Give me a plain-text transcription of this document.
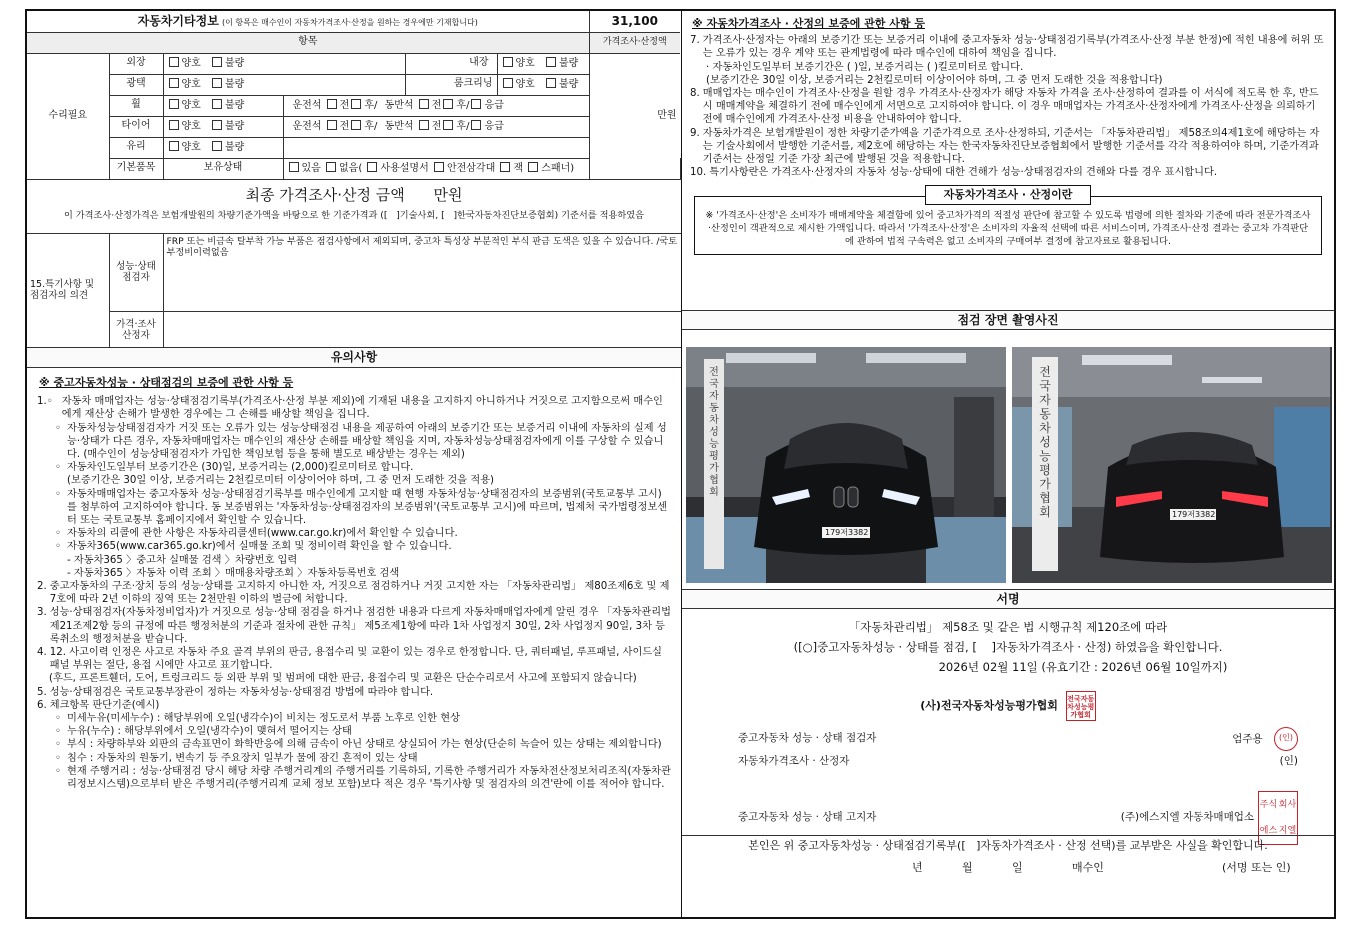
자동차기타정보 (이 항목은 매수인이 자동차가격조사·산정을 원하는 경우에만 기재합니다)						31,100	
항목						가격조사·산정액	
수리필요	외장	양호 불량		내장	양호 불량	만원	

	광택	양호 불량		룸크리닝	양호 불량		
	휠	양호 불량	운전석 전 후/ 동반석 전 후/ 응급				
	타이어	양호 불량	운전석 전 후/ 동반석 전 후/ 응급				
	유리	양호 불량					
	기본품목	보유상태	있음 없음( 사용설명서 안전삼각대 잭 스패너)				
최종 가격조사·산정 금액 만원
이 가격조사·산정가격은 보험개발원의 차량기준가액을 바탕으로 한 기준가격과 ([ ]기술사회, [ ]한국자동차진단보증협회) 기준서를 적용하였음
15.특기사항 및 점검자의 의견	성능·상태 점검자	FRP 또는 비금속 탈부착 가능 부품은 점검사항에서 제외되며, 중고차 특성상 부분적인 부식 판금 도색은 있을 수 있습니다. /국토부정비이력없음
	가격·조사 산정자	
유의사항
※ 중고자동차성능 · 상태점검의 보증에 관한 사항 등
1.◦ 자동차 매매업자는 성능·상태점검기록부(가격조사·산정 부분 제외)에 기재된 내용을 고지하지 아니하거나 거짓으로 고지함으로써 매수인에게 재산상 손해가 발생한 경우에는 그 손해를 배상할 책임을 집니다.
◦ 자동차성능상태점검자가 거짓 또는 오류가 있는 성능상태점검 내용을 제공하여 아래의 보증기간 또는 보증거리 이내에 자동차의 실제 성능·상태가 다른 경우, 자동차매매업자는 매수인의 재산상 손해를 배상할 책임을 지며, 자동차성능상태점검자에게 이를 구상할 수 있습니다. (매수인이 성능상태점검자가 가입한 책임보험 등을 통해 별도로 배상받는 경우는 제외)
◦ 자동차인도일부터 보증기간은 (30)일, 보증거리는 (2,000)킬로미터로 합니다.
(보증기간은 30일 이상, 보증거리는 2천킬로미터 이상이어야 하며, 그 중 먼저 도래한 것을 적용)
◦ 자동차매매업자는 중고자동차 성능·상태점검기록부를 매수인에게 고지할 때 현행 자동차성능·상태점검자의 보증범위(국토교통부 고시)를 첨부하여 고지하여야 합니다. 동 보증범위는 '자동차성능·상태점검자의 보증범위'(국토교통부 고시)에 따르며, 법제처 국가법령정보센터 또는 국토교통부 홈페이지에서 확인할 수 있습니다.
◦ 자동차의 리콜에 관한 사항은 자동차리콜센터(www.car.go.kr)에서 확인할 수 있습니다.
◦ 자동차365(www.car365.go.kr)에서 실매물 조회 및 정비이력 확인을 할 수 있습니다.
- 자동차365 〉중고차 실매물 검색 〉차량번호 입력
- 자동차365 〉자동차 이력 조회 〉매매용차량조회 〉자동차등록번호 검색
2. 중고자동차의 구조·장치 등의 성능·상태를 고지하지 아니한 자, 거짓으로 점검하거나 거짓 고지한 자는 「자동차관리법」 제80조제6호 및 제7호에 따라 2년 이하의 징역 또는 2천만원 이하의 벌금에 처합니다.
3. 성능·상태점검자(자동차정비업자)가 거짓으로 성능·상태 점검을 하거나 점검한 내용과 다르게 자동차매매업자에게 알린 경우 「자동차관리법 제21조제2항 등의 규정에 따른 행정처분의 기준과 절차에 관한 규칙」 제5조제1항에 따라 1차 사업정지 30일, 2차 사업정지 90일, 3차 등록취소의 행정처분을 받습니다.
4. 12. 사고이력 인정은 사고로 자동차 주요 골격 부위의 판금, 용접수리 및 교환이 있는 경우로 한정합니다. 단, 쿼터패널, 루프패널, 사이드실패널 부위는 절단, 용접 시에만 사고로 표기합니다.
(후드, 프론트휀더, 도어, 트렁크리드 등 외판 부위 및 범퍼에 대한 판금, 용접수리 및 교환은 단순수리로서 사고에 포함되지 않습니다)
5. 성능·상태점검은 국토교통부장관이 정하는 자동차성능·상태점검 방법에 따라야 합니다.
6. 체크항목 판단기준(예시)
◦ 미세누유(미세누수) : 해당부위에 오일(냉각수)이 비치는 정도로서 부품 노후로 인한 현상
◦ 누유(누수) : 해당부위에서 오일(냉각수)이 맺혀서 떨어지는 상태
◦ 부식 : 차량하부와 외판의 금속표면이 화학반응에 의해 금속이 아닌 상태로 상실되어 가는 현상(단순히 녹슬어 있는 상태는 제외합니다)
◦ 침수 : 자동차의 원동기, 변속기 등 주요장치 일부가 물에 잠긴 흔적이 있는 상태
◦ 현재 주행거리 : 성능·상태점검 당시 해당 차량 주행거리계의 주행거리를 기록하되, 기록한 주행거리가 자동차전산정보처리조직(자동차관리정보시스템)으로부터 받은 주행거리(주행거리계 교체 정보 포함)보다 적은 경우 '특기사항 및 점검자의 의견'란에 이를 적어야 합니다.
※ 자동차가격조사 · 산정의 보증에 관한 사항 등
7. 가격조사·산정자는 아래의 보증기간 또는 보증거리 이내에 중고자동차 성능·상태점검기록부(가격조사·산정 부분 한정)에 적힌 내용에 허위 또는 오류가 있는 경우 계약 또는 관계법령에 따라 매수인에 대하여 책임을 집니다.
· 자동차인도일부터 보증기간은 ( )일, 보증거리는 ( )킬로미터로 합니다.
(보증기간은 30일 이상, 보증거리는 2천킬로미터 이상이어야 하며, 그 중 먼저 도래한 것을 적용합니다)
8. 매매업자는 매수인이 가격조사·산정을 원할 경우 가격조사·산정자가 해당 자동차 가격을 조사·산정하여 결과를 이 서식에 적도록 한 후, 반드시 매매계약을 체결하기 전에 매수인에게 서면으로 고지하여야 합니다. 이 경우 매매업자는 가격조사·산정자에게 가격조사·산정을 의뢰하기 전에 매수인에게 가격조사·산정 비용을 안내하여야 합니다.
9. 자동차가격은 보험개발원이 정한 차량기준가액을 기준가격으로 조사·산정하되, 기준서는 「자동차관리법」 제58조의4제1호에 해당하는 자는 기술사회에서 발행한 기준서를, 제2호에 해당하는 자는 한국자동차진단보증협회에서 발행한 기준서를 각각 적용하여야 하며, 기준가격과 기준서는 산정일 기준 가장 최근에 발행된 것을 적용합니다.
10. 특기사항란은 가격조사·산정자의 자동차 성능·상태에 대한 견해가 성능·상태점검자의 견해와 다를 경우 표시합니다.
자동차가격조사 · 산정이란
※ '가격조사·산정'은 소비자가 매매계약을 체결함에 있어 중고차가격의 적절성 판단에 참고할 수 있도록 법령에 의한 절차와 기준에 따라 전문가격조사·산정인이 객관적으로 제시한 가액입니다. 따라서 '가격조사·산정'은 소비자의 자율적 선택에 따른 서비스이며, 가격조사·산정 결과는 중고차 가격판단에 관하여 법적 구속력은 없고 소비자의 구매여부 결정에 참고자료로 활용됩니다.
점검 장면 촬영사진
179저3382
전국자동차성능평가협회
179저3382
전국자동차성능평가협회
서명
「자동차관리법」 제58조 및 같은 법 시행규칙 제120조에 따라
([○]중고자동차성능 · 상태를 점검, [ ]자동차가격조사 · 산정) 하였음을 확인합니다.
2026년 02월 11일 (유효기간 : 2026년 06월 10일까지)
(사)전국자동차성능평가협회 전국자동차성능평가협회
중고자동차 성능 · 상태 점검자	엄주용 (인)
자동차가격조사 · 산정자	(인)
중고자동차 성능 · 상태 고지자	(주)에스지엘 자동차매매업소
주식 회사
에스 지엘
본인은 위 중고자동차성능 · 상태점검기록부([ ]자동차가격조사 · 산정 선택)를 교부받은 사실을 확인합니다.
년	월	일	매수인	(서명 또는 인)
